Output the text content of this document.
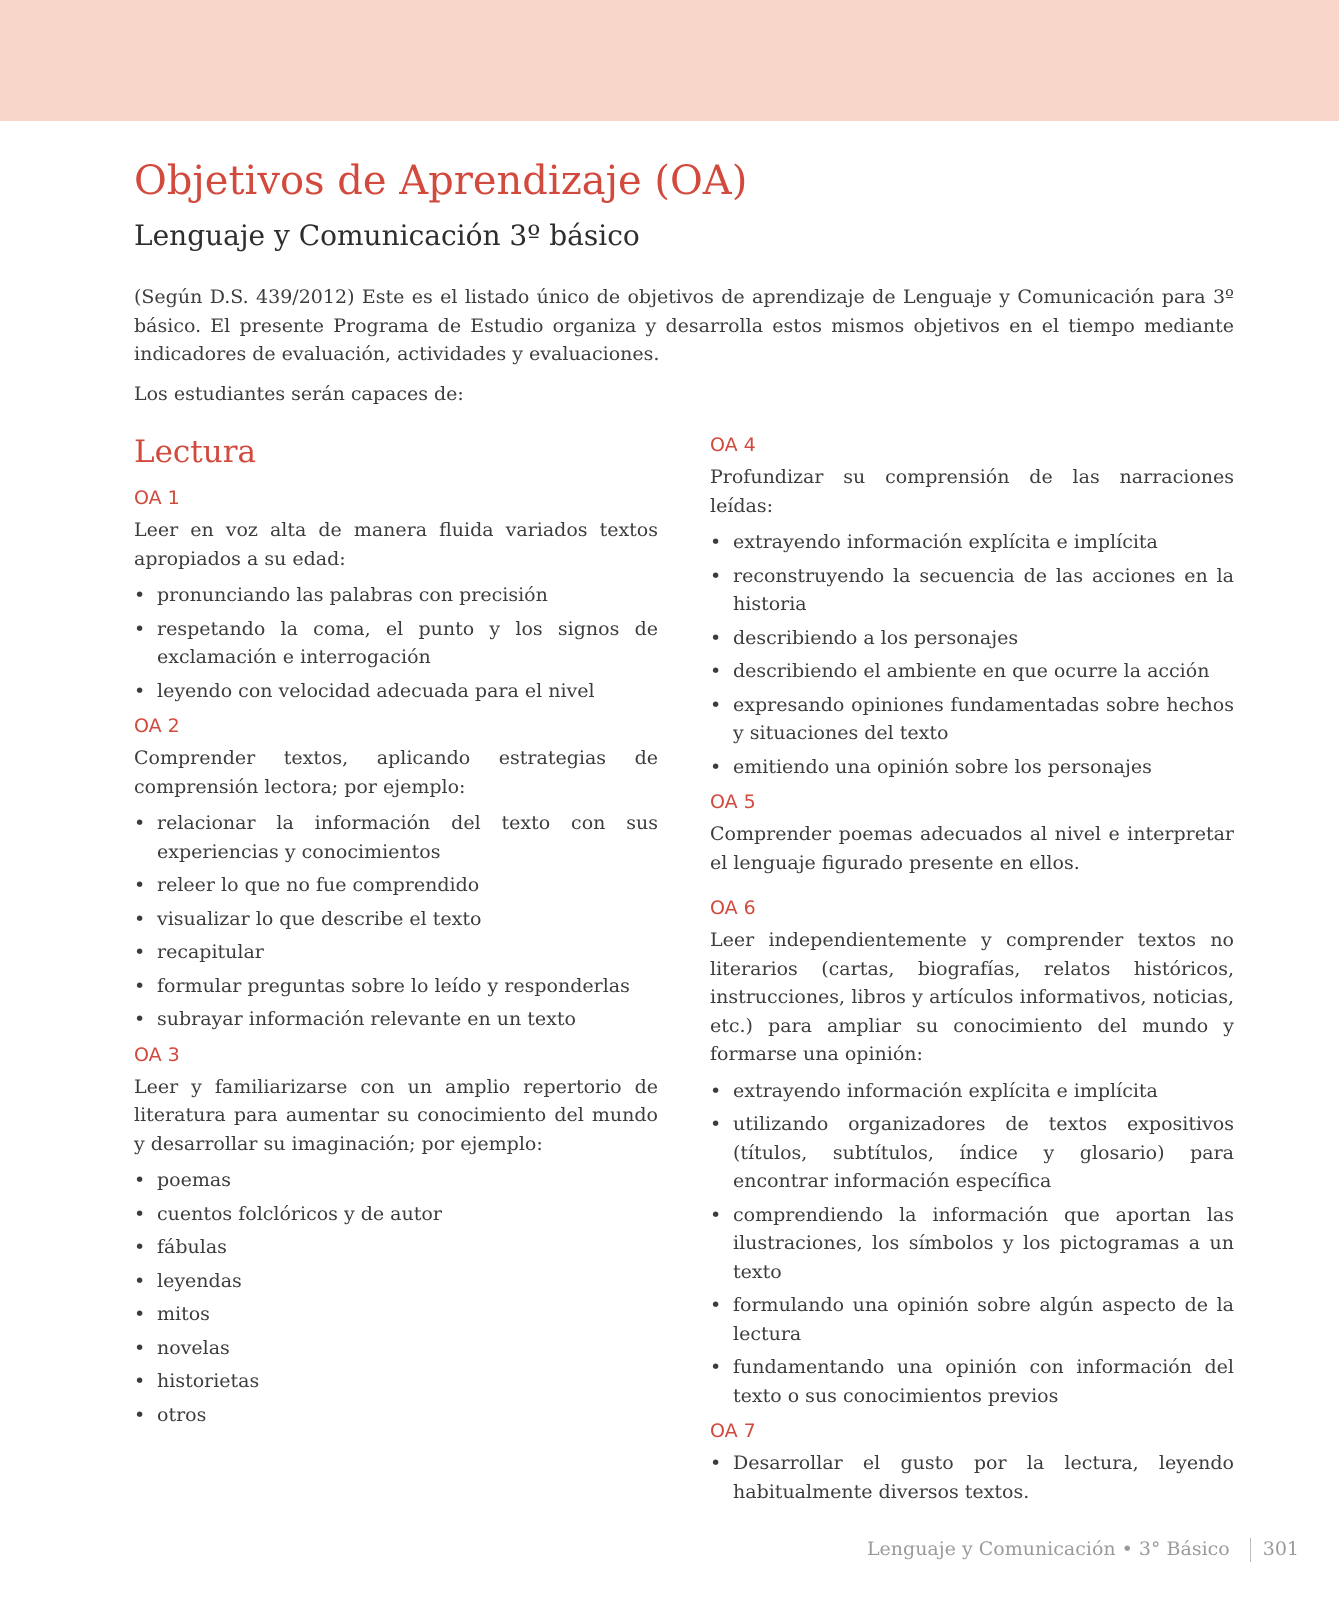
Objetivos de Aprendizaje (OA)
Lenguaje y Comunicación 3º básico

(Según D.S. 439/2012) Este es el listado único de objetivos de aprendizaje de Lenguaje y Comunicación para 3º básico. El presente Programa de Estudio organiza y desarrolla estos mismos objetivos en el tiempo mediante indicadores de evaluación, actividades y evaluaciones.

Los estudiantes serán capaces de:

Lectura
OA 1

Leer en voz alta de manera fluida variados textos apropiados a su edad:

• pronunciando las palabras con precisión
• respetando la coma, el punto y los signos de exclamación e interrogación
• leyendo con velocidad adecuada para el nivel
OA 2

Comprender textos, aplicando estrategias de comprensión lectora; por ejemplo:

• relacionar la información del texto con sus experiencias y conocimientos
• releer lo que no fue comprendido
• visualizar lo que describe el texto
• recapitular
• formular preguntas sobre lo leído y responderlas
• subrayar información relevante en un texto
OA 3

Leer y familiarizarse con un amplio repertorio de literatura para aumentar su conocimiento del mundo y desarrollar su imaginación; por ejemplo:

• poemas
• cuentos folclóricos y de autor
• fábulas
• leyendas
• mitos
• novelas
• historietas
• otros
OA 4

Profundizar su comprensión de las narraciones leídas:

• extrayendo información explícita e implícita
• reconstruyendo la secuencia de las acciones en la historia
• describiendo a los personajes
• describiendo el ambiente en que ocurre la acción
• expresando opiniones fundamentadas sobre hechos y situaciones del texto
• emitiendo una opinión sobre los personajes
OA 5

Comprender poemas adecuados al nivel e interpretar el lenguaje figurado presente en ellos.

OA 6

Leer independientemente y comprender textos no literarios (cartas, biografías, relatos históricos, instrucciones, libros y artículos informativos, noticias, etc.) para ampliar su conocimiento del mundo y formarse una opinión:

• extrayendo información explícita e implícita
• utilizando organizadores de textos expositivos (títulos, subtítulos, índice y glosario) para encontrar información específica
• comprendiendo la información que aportan las ilustraciones, los símbolos y los pictogramas a un texto
• formulando una opinión sobre algún aspecto de la lectura
• fundamentando una opinión con información del texto o sus conocimientos previos
OA 7
• Desarrollar el gusto por la lectura, leyendo habitualmente diversos textos.
Lenguaje y Comunicación • 3° Básico 301
